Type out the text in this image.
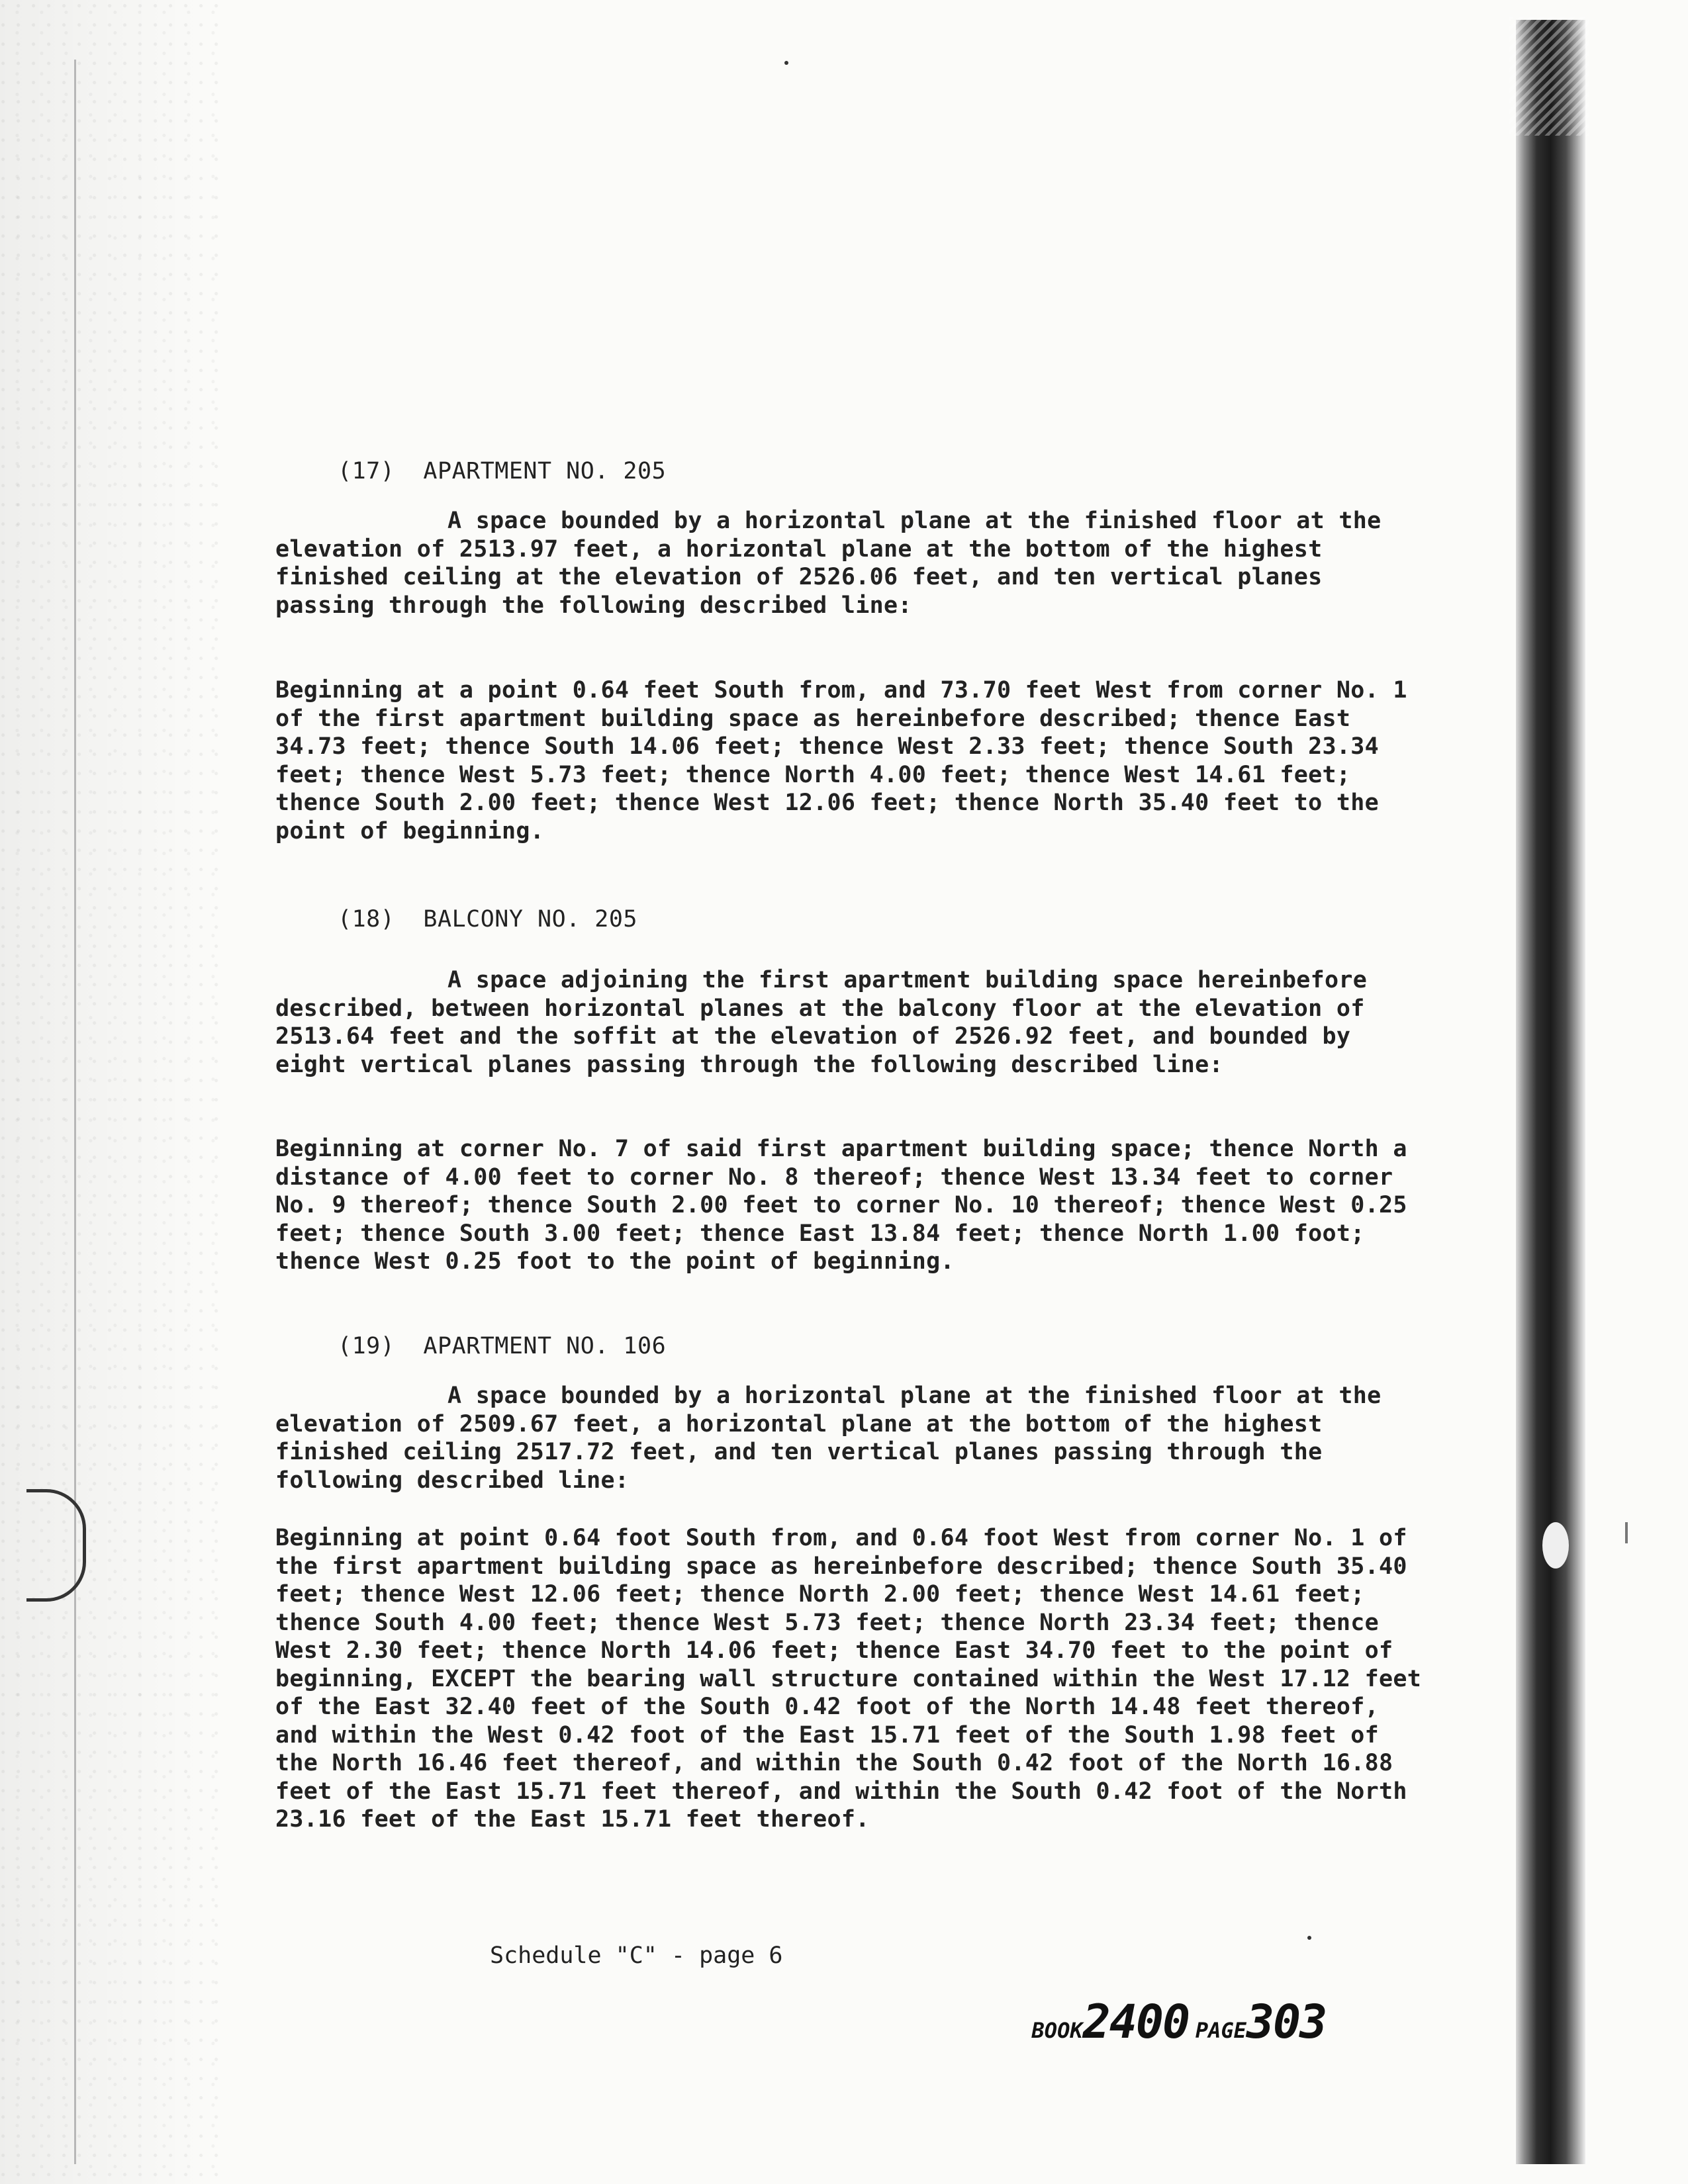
(17)  APARTMENT NO. 205
A space bounded by a horizontal plane at the finished floor at the elevation of 2513.97 feet, a horizontal plane at the bottom of the highest finished ceiling at the elevation of 2526.06 feet, and ten vertical planes passing through the following described line:
Beginning at a point 0.64 feet South from, and 73.70 feet West from corner No. 1 of the first apartment building space as hereinbefore described; thence East 34.73 feet; thence South 14.06 feet; thence West 2.33 feet; thence South 23.34 feet; thence West 5.73 feet; thence North 4.00 feet; thence West 14.61 feet; thence South 2.00 feet; thence West 12.06 feet; thence North 35.40 feet to the point of beginning.
(18)  BALCONY NO. 205
A space adjoining the first apartment building space hereinbefore described, between horizontal planes at the balcony floor at the elevation of 2513.64 feet and the soffit at the elevation of 2526.92 feet, and bounded by eight vertical planes passing through the following described line:
Beginning at corner No. 7 of said first apartment building space; thence North a distance of 4.00 feet to corner No. 8 thereof; thence West 13.34 feet to corner No. 9 thereof; thence South 2.00 feet to corner No. 10 thereof; thence West 0.25 feet; thence South 3.00 feet; thence East 13.84 feet; thence North 1.00 foot; thence West 0.25 foot to the point of beginning.
(19)  APARTMENT NO. 106
A space bounded by a horizontal plane at the finished floor at the elevation of 2509.67 feet, a horizontal plane at the bottom of the highest finished ceiling 2517.72 feet, and ten vertical planes passing through the following described line:
Beginning at point 0.64 foot South from, and 0.64 foot West from corner No. 1 of the first apartment building space as hereinbefore described; thence South 35.40 feet; thence West 12.06 feet; thence North 2.00 feet; thence West 14.61 feet; thence South 4.00 feet; thence West 5.73 feet; thence North 23.34 feet; thence West 2.30 feet; thence North 14.06 feet; thence East 34.70 feet to the point of beginning, EXCEPT the bearing wall structure contained within the West 17.12 feet of the East 32.40 feet of the South 0.42 foot of the North 14.48 feet thereof, and within the West 0.42 foot of the East 15.71 feet of the South 1.98 feet of the North 16.46 feet thereof, and within the South 0.42 foot of the North 16.88 feet of the East 15.71 feet thereof, and within the South 0.42 foot of the North 23.16 feet of the East 15.71 feet thereof.
Schedule "C" - page 6

BOOK2400 PAGE303
